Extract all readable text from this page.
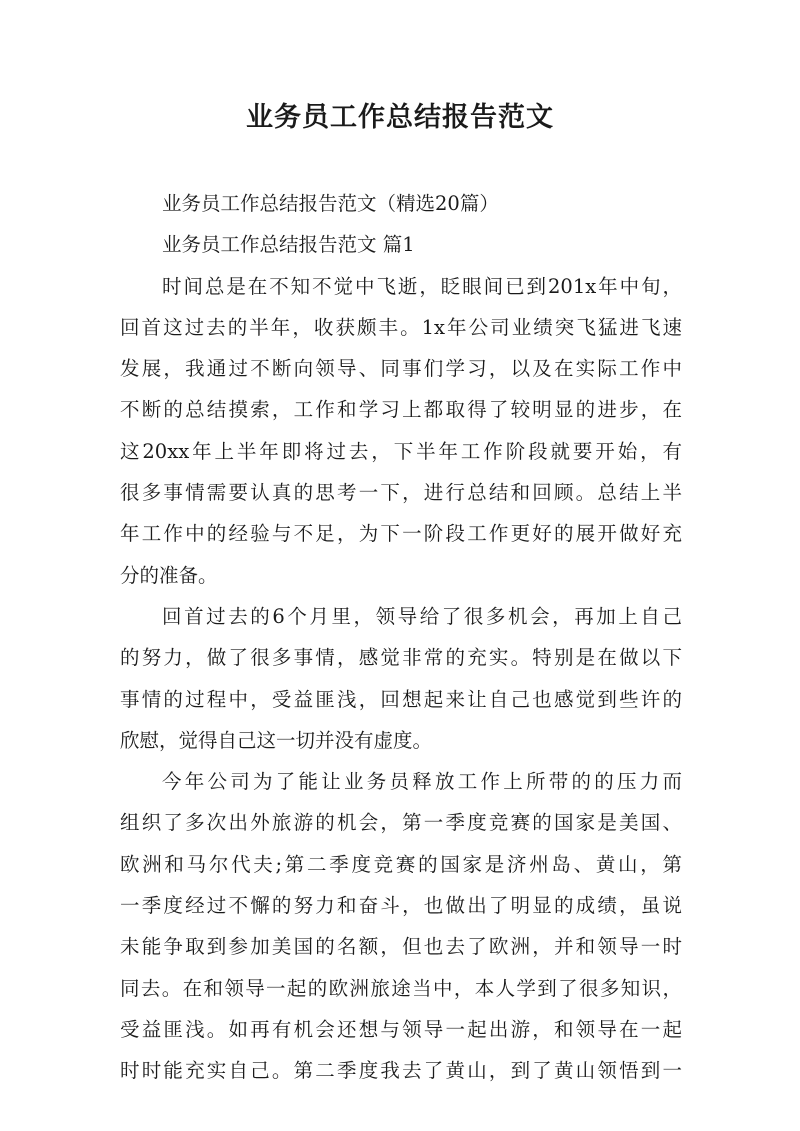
业务员工作总结报告范文
业务员工作总结报告范文（精选20篇）
业务员工作总结报告范文 篇1
时间总是在不知不觉中飞逝，眨眼间已到201x年中旬，
回首这过去的半年，收获颇丰。1x年公司业绩突飞猛进飞速
发展，我通过不断向领导、同事们学习，以及在实际工作中
不断的总结摸索，工作和学习上都取得了较明显的进步，在
这20xx年上半年即将过去，下半年工作阶段就要开始，有
很多事情需要认真的思考一下，进行总结和回顾。总结上半
年工作中的经验与不足，为下一阶段工作更好的展开做好充
分的准备。
回首过去的6个月里，领导给了很多机会，再加上自己
的努力，做了很多事情，感觉非常的充实。特别是在做以下
事情的过程中，受益匪浅，回想起来让自己也感觉到些许的
欣慰，觉得自己这一切并没有虚度。
今年公司为了能让业务员释放工作上所带的的压力而
组织了多次出外旅游的机会，第一季度竞赛的国家是美国、
欧洲和马尔代夫;第二季度竞赛的国家是济州岛、黄山，第
一季度经过不懈的努力和奋斗，也做出了明显的成绩，虽说
未能争取到参加美国的名额，但也去了欧洲，并和领导一时
同去。在和领导一起的欧洲旅途当中，本人学到了很多知识，
受益匪浅。如再有机会还想与领导一起出游，和领导在一起
时时能充实自己。第二季度我去了黄山，到了黄山领悟到一
